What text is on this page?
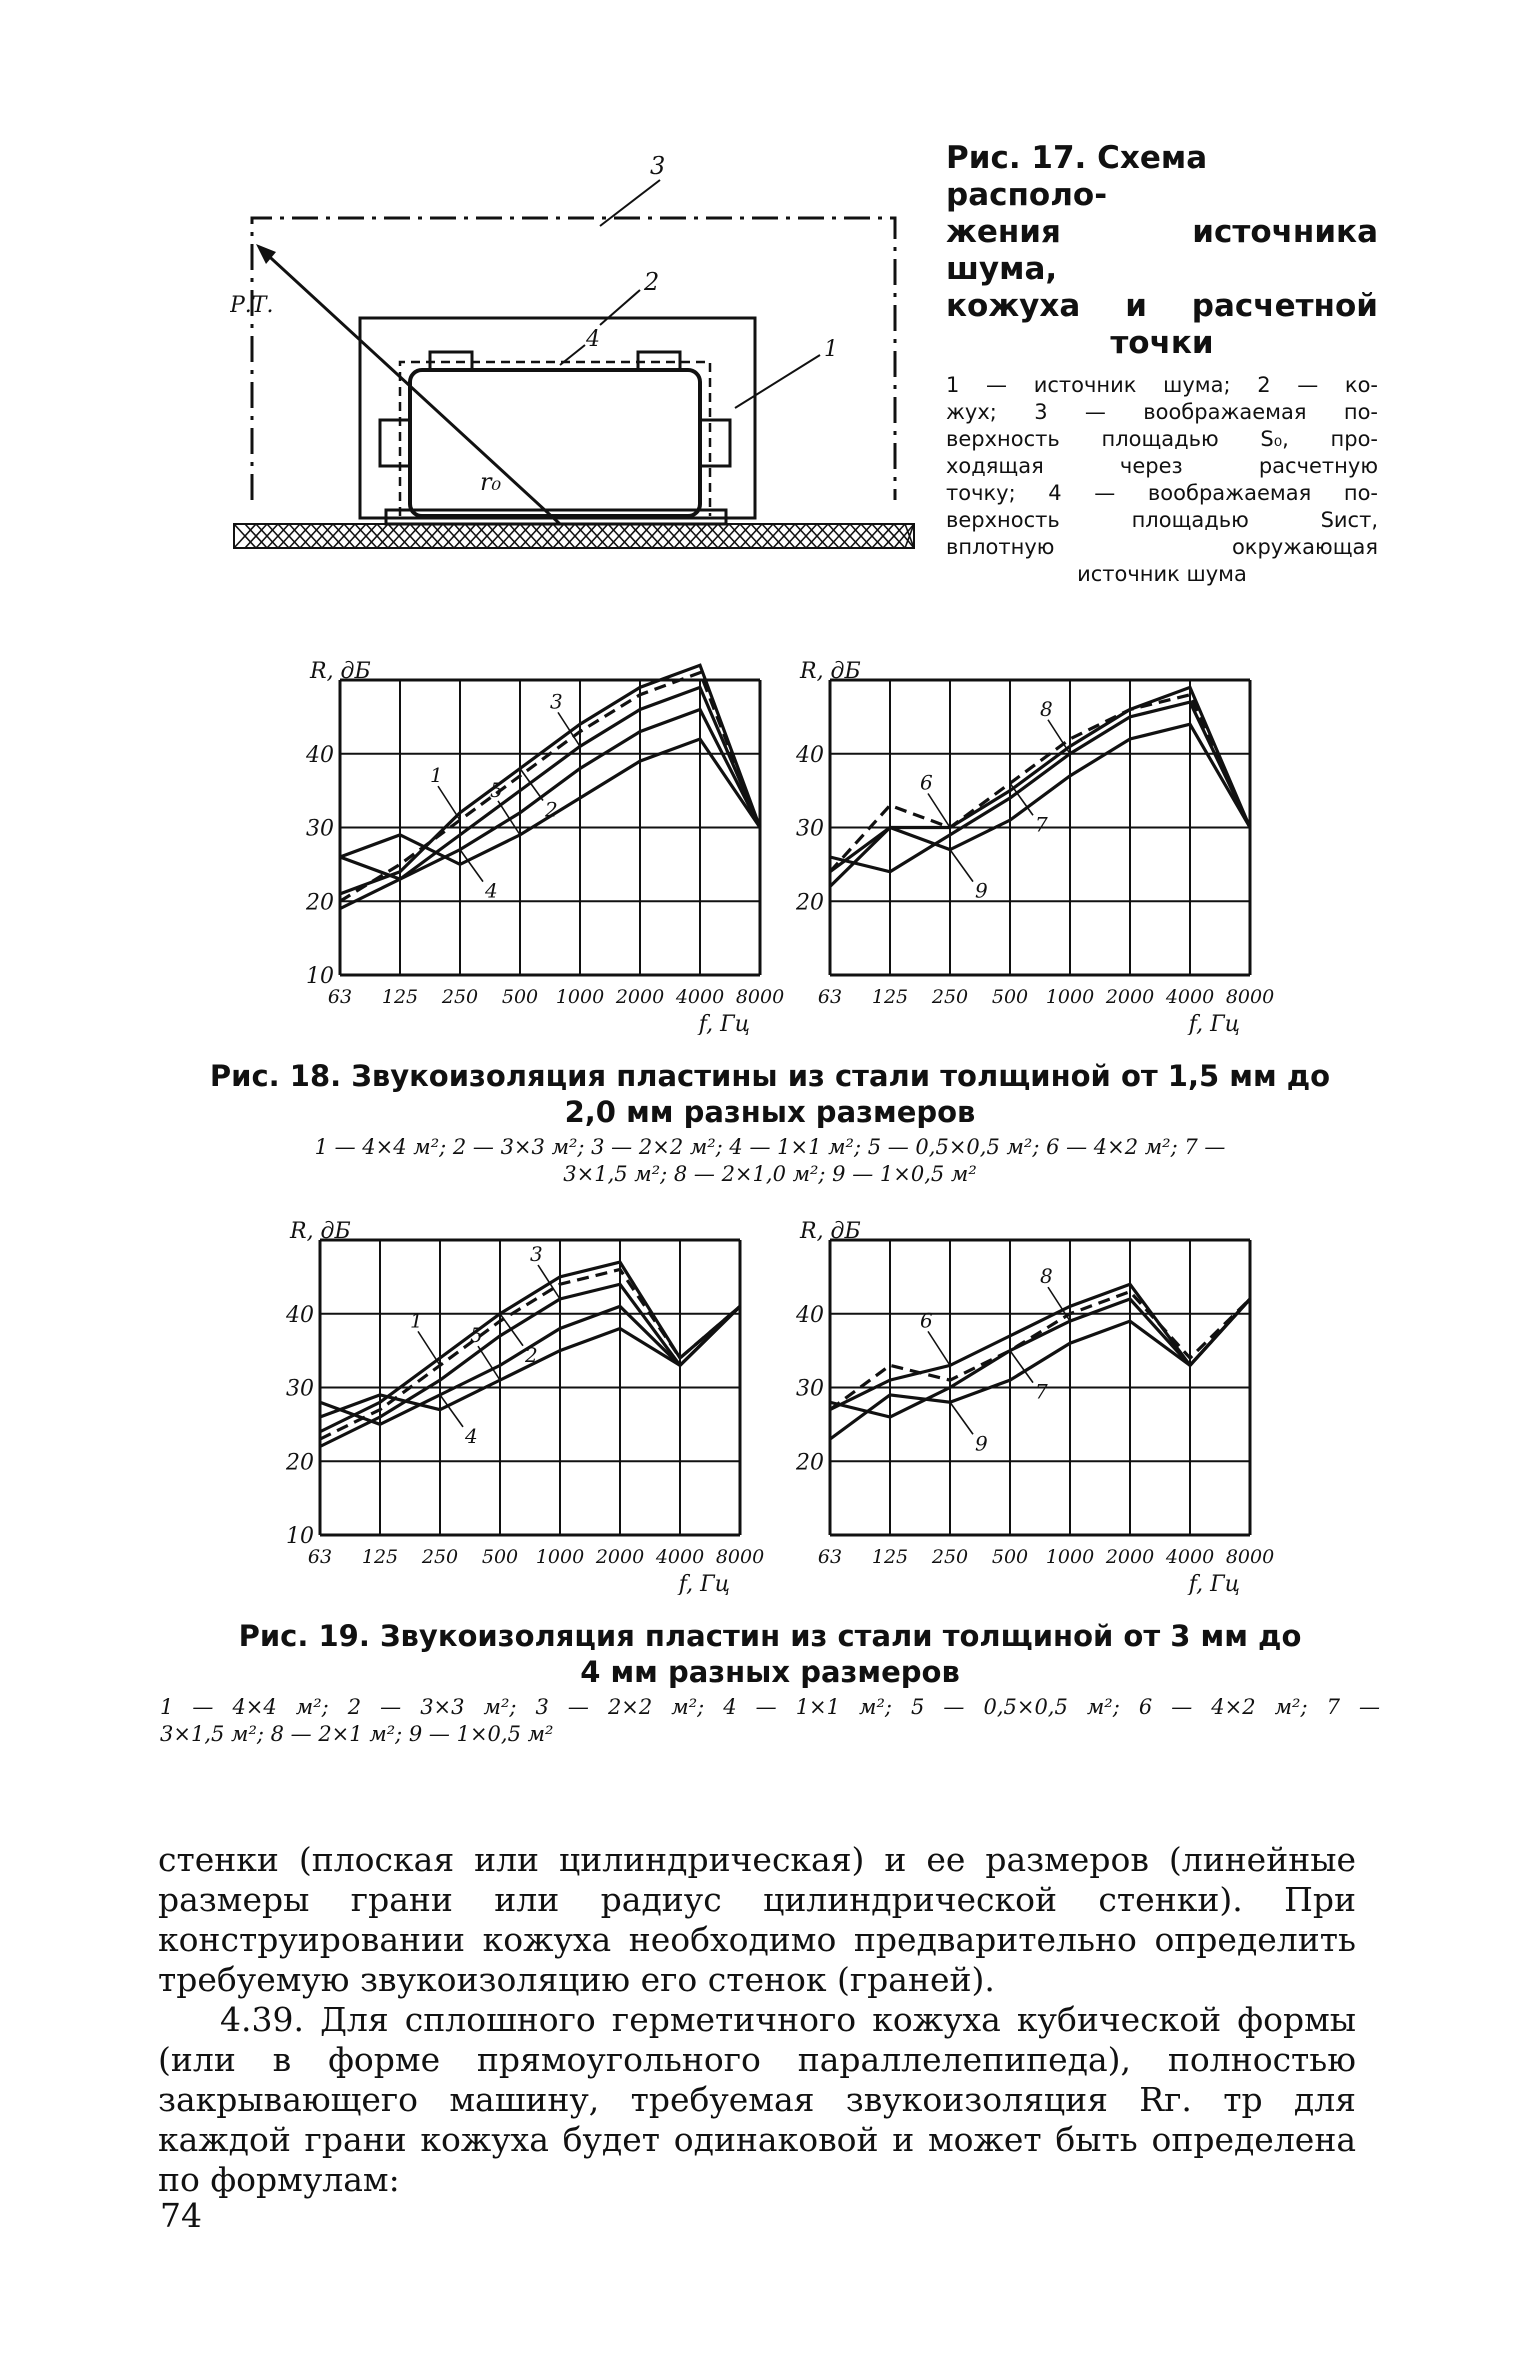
Р.Т.
3
2
4	1
r₀
Рис. 17. Схема располо-
жения источника шума,
кожуха и расчетной
точки
1 — источник шума; 2 — ко-
жух; 3 — воображаемая по-
верхность площадью S₀, про-
ходящая через расчетную
точку; 4 — воображаемая по-
верхность площадью Sист,
вплотную окружающая
источник шума
10
20
30
40
R, дБ
63 125 250 500 1000 2000 4000 8000
f, Гц
1
2
3
4
5
20
30
40
R, дБ
63 125 250 500 1000 2000 4000 8000
f, Гц
6
7
8
9
Рис. 18. Звукоизоляция пластины из стали толщиной от 1,5 мм до
2,0 мм разных размеров
1 — 4×4 м²; 2 — 3×3 м²; 3 — 2×2 м²; 4 — 1×1 м²; 5 — 0,5×0,5 м²; 6 — 4×2 м²; 7 —
3×1,5 м²; 8 — 2×1,0 м²; 9 — 1×0,5 м²
10
20
30
40
R, дБ
63 125 250 500 1000 2000 4000 8000
f, Гц
1
2
3
4
5
20
30
40
R, дБ
63 125 250 500 1000 2000 4000 8000
f, Гц
6
7
8
9
Рис. 19. Звукоизоляция пластин из стали толщиной от 3 мм до
4 мм разных размеров
1 — 4×4 м²; 2 — 3×3 м²; 3 — 2×2 м²; 4 — 1×1 м²; 5 — 0,5×0,5 м²; 6 — 4×2 м²; 7 —
3×1,5 м²; 8 — 2×1 м²; 9 — 1×0,5 м²

стенки (плоская или цилиндрическая) и ее размеров (линейные размеры грани или радиус цилиндрической стенки). При конструировании кожуха необходимо предварительно определить требуемую звукоизоляцию его стенок (граней).

4.39. Для сплошного герметичного кожуха кубической формы (или в форме прямоугольного параллелепипеда), полностью закрывающего машину, требуемая звукоизоляция Rг. тр для каждой грани кожуха будет одинаковой и может быть определена по формулам:

74
